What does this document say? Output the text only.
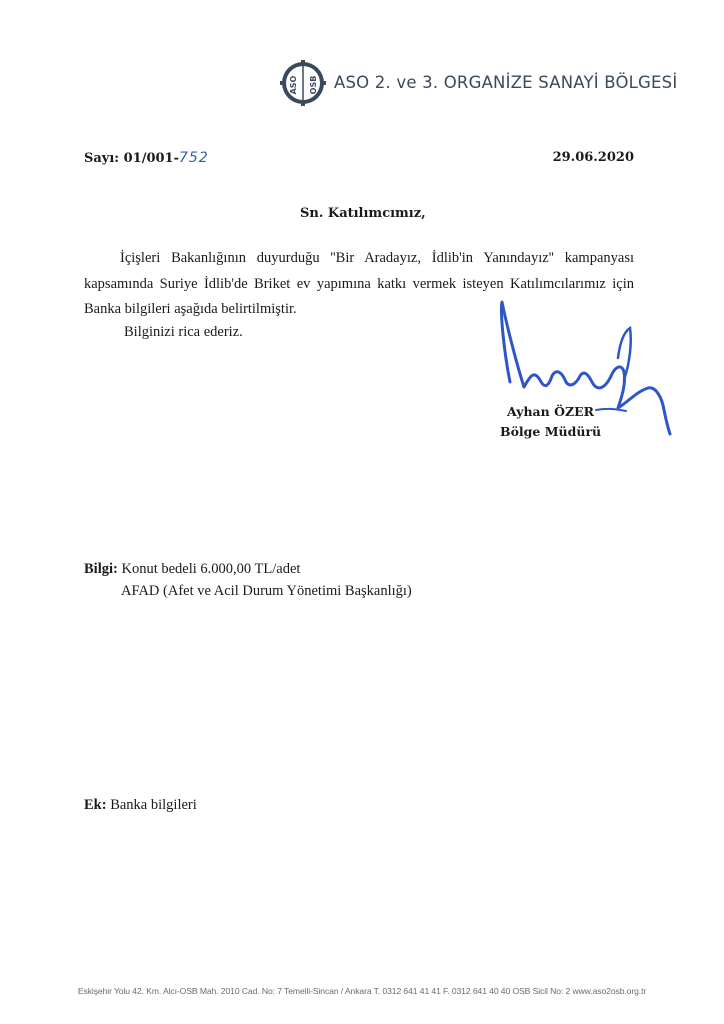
ASO OSB ASO 2. ve 3. ORGANİZE SANAYİ BÖLGESİ
Sayı: 01/001-752	29.06.2020
Sn. Katılımcımız,

İçişleri Bakanlığının duyurduğu ''Bir Aradayız, İdlib'in Yanındayız'' kampanyası kapsamında Suriye İdlib'de Briket ev yapımına katkı vermek isteyen Katılımcılarımız için Banka bilgileri aşağıda belirtilmiştir.

Bilginizi rica ederiz.
Ayhan ÖZER
Bölge Müdürü
Bilgi: Konut bedeli 6.000,00 TL/adet
AFAD (Afet ve Acil Durum Yönetimi Başkanlığı)
Ek: Banka bilgileri
Eskişehir Yolu 42. Km. Alcı-OSB Mah. 2010 Cad. No: 7 Temelli-Sincan / Ankara T. 0312 641 41 41 F. 0312 641 40 40 OSB Sicil No: 2 www.aso2osb.org.tr
